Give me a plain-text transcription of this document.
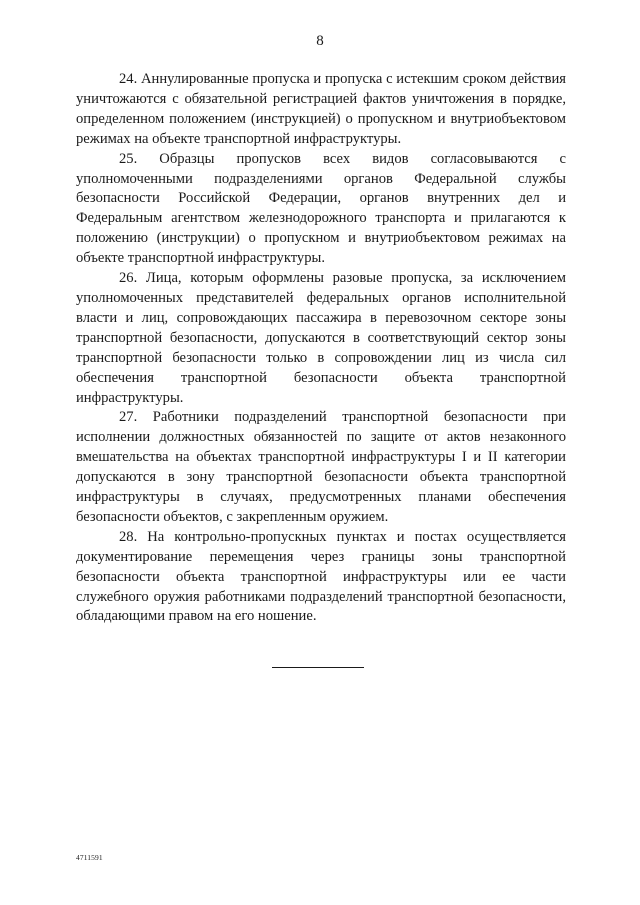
8

24. Аннулированные пропуска и пропуска с истекшим сроком действия уничтожаются с обязательной регистрацией фактов уничтожения в порядке, определенном положением (инструкцией) о пропускном и внутриобъектовом режимах на объекте транспортной инфраструктуры.

25. Образцы пропусков всех видов согласовываются с уполномоченными подразделениями органов Федеральной службы безопасности Российской Федерации, органов внутренних дел и Федеральным агентством железнодорожного транспорта и прилагаются к положению (инструкции) о пропускном и внутриобъектовом режимах на объекте транспортной инфраструктуры.

26. Лица, которым оформлены разовые пропуска, за исключением уполномоченных представителей федеральных органов исполнительной власти и лиц, сопровождающих пассажира в перевозочном секторе зоны транспортной безопасности, допускаются в соответствующий сектор зоны транспортной безопасности только в сопровождении лиц из числа сил обеспечения транспортной безопасности объекта транспортной инфраструктуры.

27. Работники подразделений транспортной безопасности при исполнении должностных обязанностей по защите от актов незаконного вмешательства на объектах транспортной инфраструктуры I и II категории допускаются в зону транспортной безопасности объекта транспортной инфраструктуры в случаях, предусмотренных планами обеспечения безопасности объектов, с закрепленным оружием.

28. На контрольно-пропускных пунктах и постах осуществляется документирование перемещения через границы зоны транспортной безопасности объекта транспортной инфраструктуры или ее части служебного оружия работниками подразделений транспортной безопасности, обладающими правом на его ношение.

4711591
